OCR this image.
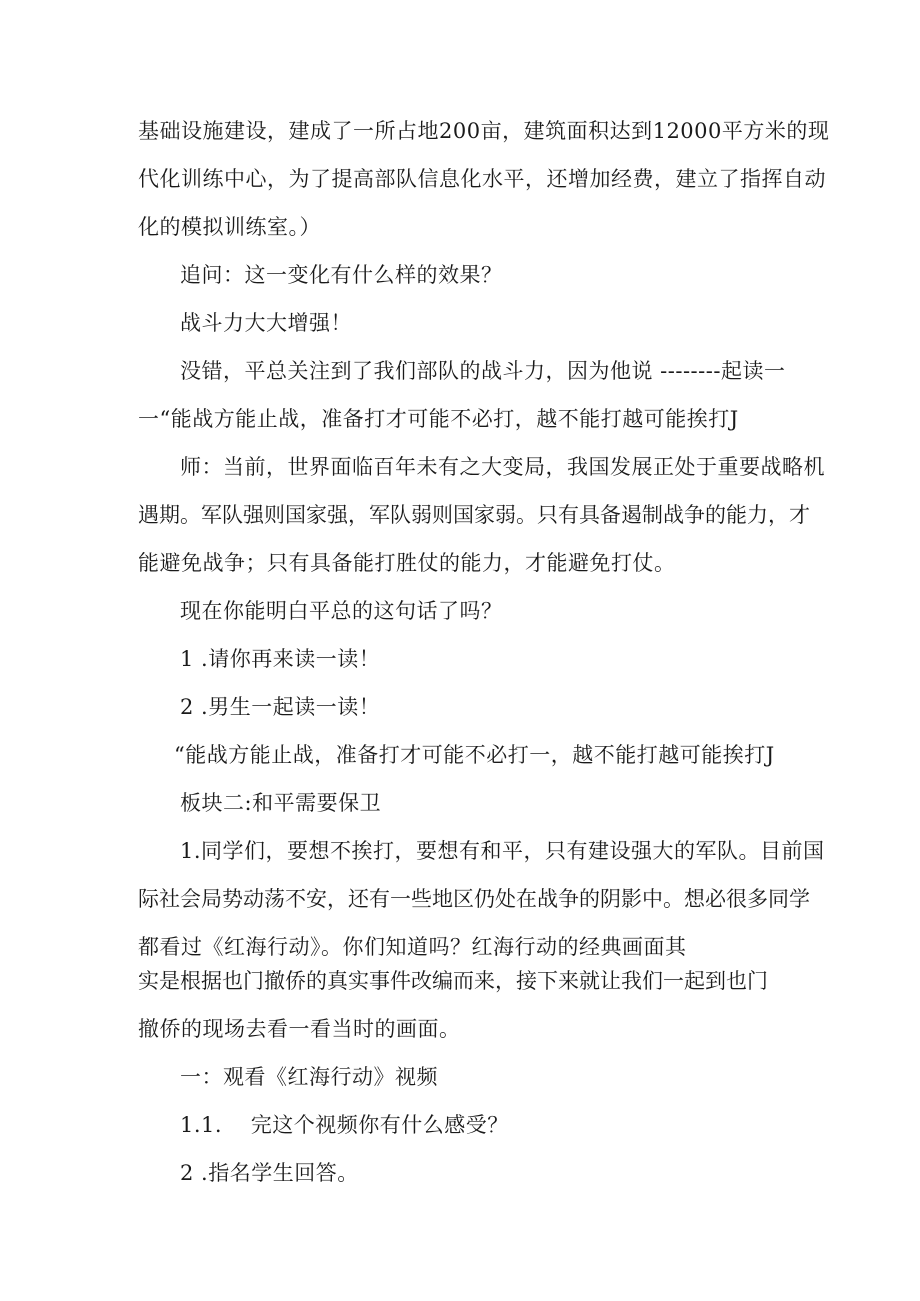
基础设施建设，建成了一所占地200亩，建筑面积达到12000平方米的现
代化训练中心，为了提高部队信息化水平，还增加经费，建立了指挥自动
化的模拟训练室。）
追问：这一变化有什么样的效果？
战斗力大大增强！
没错，平总关注到了我们部队的战斗力，因为他说 --------起读一
一“能战方能止战，准备打才可能不必打，越不能打越可能挨打J
师：当前，世界面临百年未有之大变局，我国发展正处于重要战略机
遇期。军队强则国家强，军队弱则国家弱。只有具备遏制战争的能力，才
能避免战争；只有具备能打胜仗的能力，才能避免打仗。
现在你能明白平总的这句话了吗？
1 .请你再来读一读！
2 .男生一起读一读！
“能战方能止战，准备打才可能不必打一，越不能打越可能挨打J
板块二:和平需要保卫
1.同学们，要想不挨打，要想有和平，只有建设强大的军队。目前国
际社会局势动荡不安，还有一些地区仍处在战争的阴影中。想必很多同学
都看过《红海行动》。你们知道吗？红海行动的经典画面其
实是根据也门撤侨的真实事件改编而来，接下来就让我们一起到也门
撤侨的现场去看一看当时的画面。
一：观看《红海行动》视频
1.1.　 完这个视频你有什么感受？
2 .指名学生回答。
